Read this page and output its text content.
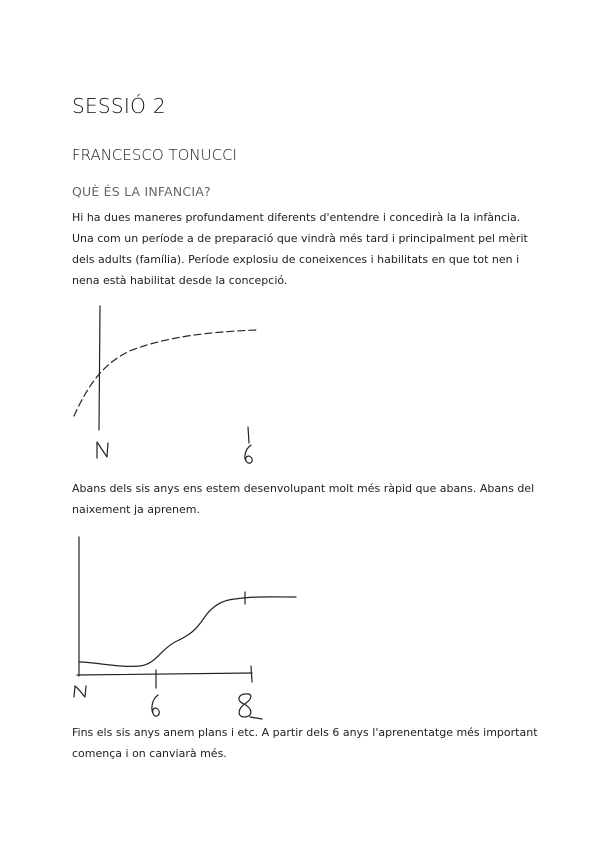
SESSIÓ 2
FRANCESCO TONUCCI
QUÈ ÉS LA INFANCIA?
Hi ha dues maneres profundament diferents d'entendre i concedirà la la infància.
Una com un període a de preparació que vindrà més tard i principalment pel mèrit
dels adults (família). Període explosiu de coneixences i habilitats en que tot nen i
nena està habilitat desde la concepció.
Abans dels sis anys ens estem desenvolupant molt més ràpid que abans. Abans del
naixement ja aprenem.
Fins els sis anys anem plans i etc. A partir dels 6 anys l'aprenentatge més important
comença i on canviarà més.
